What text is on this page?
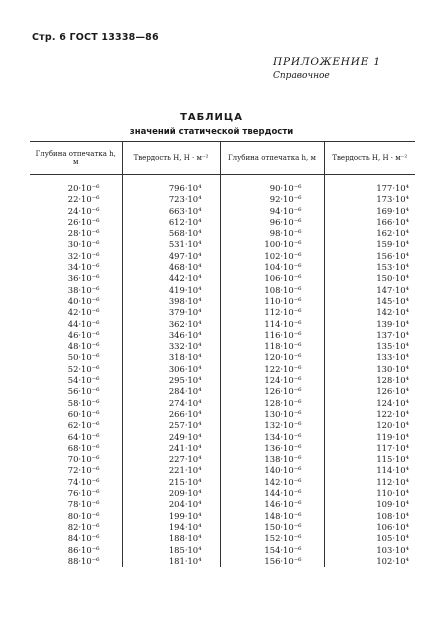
Стр. 6 ГОСТ 13338—86
ПРИЛОЖЕНИЕ 1
Справочное
ТАБЛИЦА
значений статической твердости
Глубина отпечатка h, м	Твердость H, Н · м⁻²	Глубина отпечатка h, м	Твердость H, Н · м⁻²

20·10⁻⁶	796·10⁴	90·10⁻⁶	177·10⁴
22·10⁻⁶	723·10⁴	92·10⁻⁶	173·10⁴
24·10⁻⁶	663·10⁴	94·10⁻⁶	169·10⁴
26·10⁻⁶	612·10⁴	96·10⁻⁶	166·10⁴
28·10⁻⁶	568·10⁴	98·10⁻⁶	162·10⁴
30·10⁻⁶	531·10⁴	100·10⁻⁶	159·10⁴
32·10⁻⁶	497·10⁴	102·10⁻⁶	156·10⁴
34·10⁻⁶	468·10⁴	104·10⁻⁶	153·10⁴
36·10⁻⁶	442·10⁴	106·10⁻⁶	150·10⁴
38·10⁻⁶	419·10⁴	108·10⁻⁶	147·10⁴
40·10⁻⁶	398·10⁴	110·10⁻⁶	145·10⁴
42·10⁻⁶	379·10⁴	112·10⁻⁶	142·10⁴
44·10⁻⁶	362·10⁴	114·10⁻⁶	139·10⁴
46·10⁻⁶	346·10⁴	116·10⁻⁶	137·10⁴
48·10⁻⁶	332·10⁴	118·10⁻⁶	135·10⁴
50·10⁻⁶	318·10⁴	120·10⁻⁶	133·10⁴
52·10⁻⁶	306·10⁴	122·10⁻⁶	130·10⁴
54·10⁻⁶	295·10⁴	124·10⁻⁶	128·10⁴
56·10⁻⁶	284·10⁴	126·10⁻⁶	126·10⁴
58·10⁻⁶	274·10⁴	128·10⁻⁶	124·10⁴
60·10⁻⁶	266·10⁴	130·10⁻⁶	122·10⁴
62·10⁻⁶	257·10⁴	132·10⁻⁶	120·10⁴
64·10⁻⁶	249·10⁴	134·10⁻⁶	119·10⁴
68·10⁻⁶	241·10⁴	136·10⁻⁶	117·10⁴
70·10⁻⁶	227·10⁴	138·10⁻⁶	115·10⁴
72·10⁻⁶	221·10⁴	140·10⁻⁶	114·10⁴
74·10⁻⁶	215·10⁴	142·10⁻⁶	112·10⁴
76·10⁻⁶	209·10⁴	144·10⁻⁶	110·10⁴
78·10⁻⁶	204·10⁴	146·10⁻⁶	109·10⁴
80·10⁻⁶	199·10⁴	148·10⁻⁶	108·10⁴
82·10⁻⁶	194·10⁴	150·10⁻⁶	106·10⁴
84·10⁻⁶	188·10⁴	152·10⁻⁶	105·10⁴
86·10⁻⁶	185·10⁴	154·10⁻⁶	103·10⁴
88·10⁻⁶	181·10⁴	156·10⁻⁶	102·10⁴
